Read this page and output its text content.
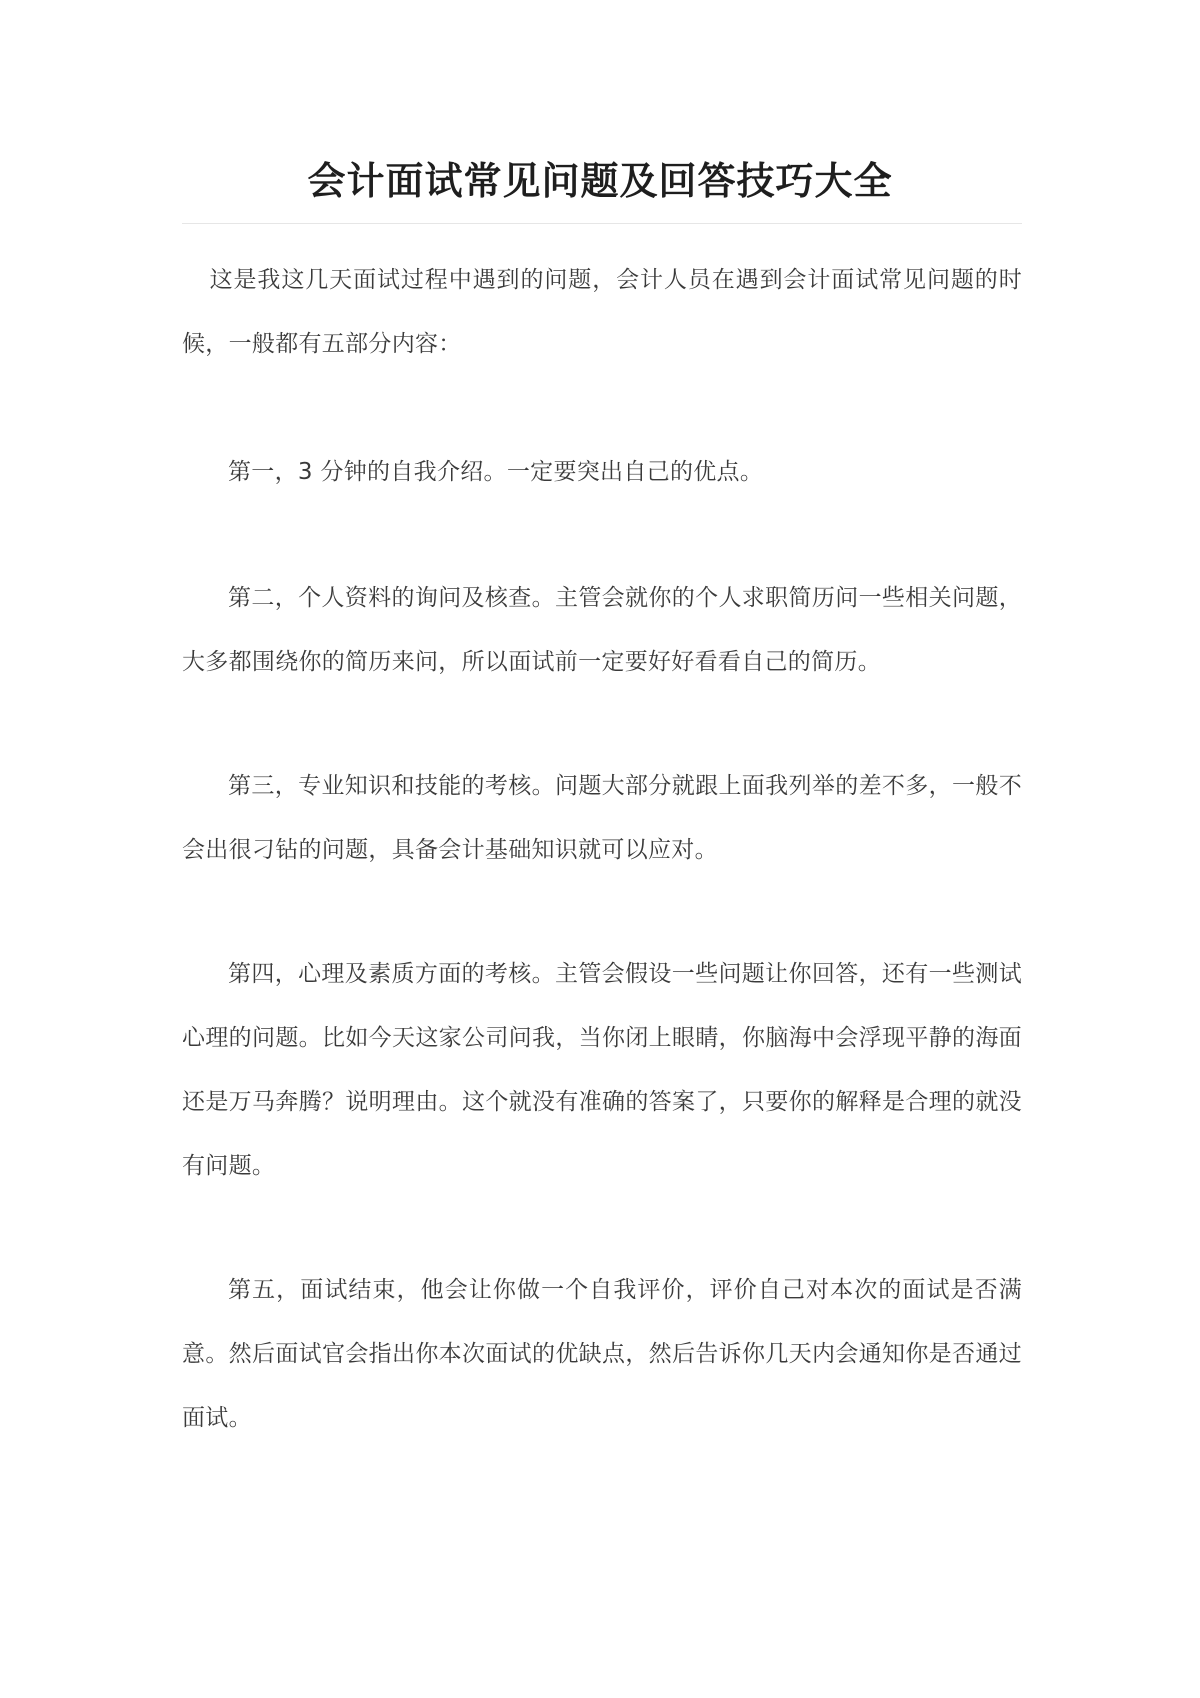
会计面试常见问题及回答技巧大全

这是我这几天面试过程中遇到的问题，会计人员在遇到会计面试常见问题的时候，一般都有五部分内容：

第一，3 分钟的自我介绍。一定要突出自己的优点。

第二，个人资料的询问及核查。主管会就你的个人求职简历问一些相关问题，大多都围绕你的简历来问，所以面试前一定要好好看看自己的简历。

第三，专业知识和技能的考核。问题大部分就跟上面我列举的差不多，一般不会出很刁钻的问题，具备会计基础知识就可以应对。

第四，心理及素质方面的考核。主管会假设一些问题让你回答，还有一些测试心理的问题。比如今天这家公司问我，当你闭上眼睛，你脑海中会浮现平静的海面还是万马奔腾？说明理由。这个就没有准确的答案了，只要你的解释是合理的就没有问题。

第五，面试结束，他会让你做一个自我评价，评价自己对本次的面试是否满意。然后面试官会指出你本次面试的优缺点，然后告诉你几天内会通知你是否通过面试。
